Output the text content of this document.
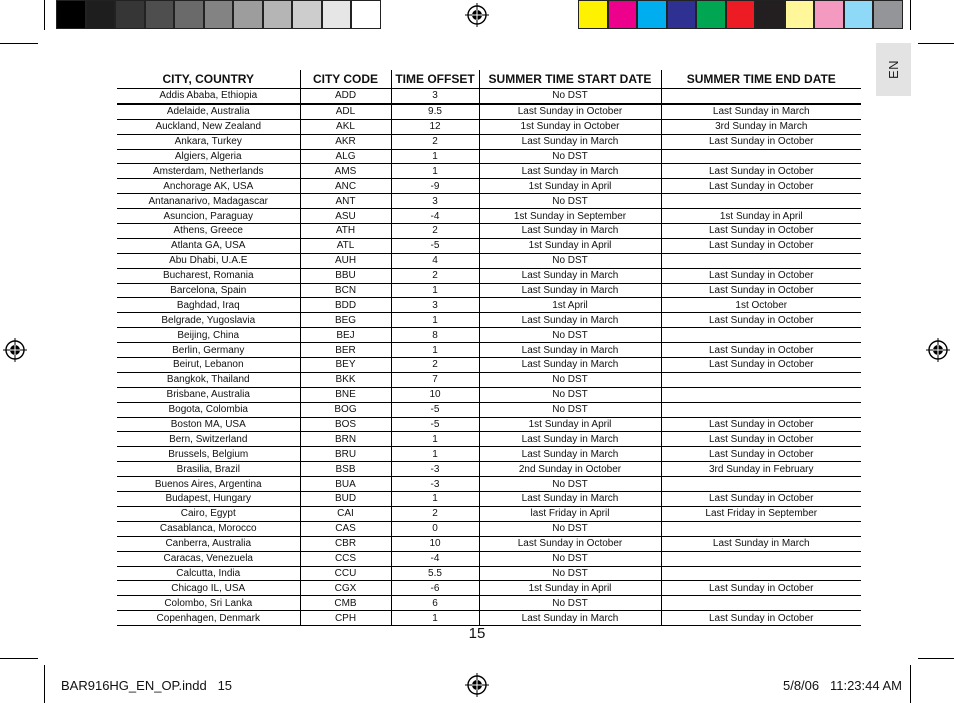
EN
CITY, COUNTRY	CITY CODE	TIME OFFSET	SUMMER TIME START DATE	SUMMER TIME END DATE
Addis Ababa, Ethiopia	ADD	3	No DST	
Adelaide, Australia	ADL	9.5	Last Sunday in October	Last Sunday in March
Auckland, New Zealand	AKL	12	1st Sunday in October	3rd Sunday in March
Ankara, Turkey	AKR	2	Last Sunday in March	Last Sunday in October
Algiers, Algeria	ALG	1	No DST	
Amsterdam, Netherlands	AMS	1	Last Sunday in March	Last Sunday in October
Anchorage AK, USA	ANC	-9	1st Sunday in April	Last Sunday in October
Antananarivo, Madagascar	ANT	3	No DST	
Asuncion, Paraguay	ASU	-4	1st Sunday in September	1st Sunday in April
Athens, Greece	ATH	2	Last Sunday in March	Last Sunday in October
Atlanta GA, USA	ATL	-5	1st Sunday in April	Last Sunday in October
Abu Dhabi, U.A.E	AUH	4	No DST	
Bucharest, Romania	BBU	2	Last Sunday in March	Last Sunday in October
Barcelona, Spain	BCN	1	Last Sunday in March	Last Sunday in October
Baghdad, Iraq	BDD	3	1st April	1st October
Belgrade, Yugoslavia	BEG	1	Last Sunday in March	Last Sunday in October
Beijing, China	BEJ	8	No DST	
Berlin, Germany	BER	1	Last Sunday in March	Last Sunday in October
Beirut, Lebanon	BEY	2	Last Sunday in March	Last Sunday in October
Bangkok, Thailand	BKK	7	No DST	
Brisbane, Australia	BNE	10	No DST	
Bogota, Colombia	BOG	-5	No DST	
Boston MA, USA	BOS	-5	1st Sunday in April	Last Sunday in October
Bern, Switzerland	BRN	1	Last Sunday in March	Last Sunday in October
Brussels, Belgium	BRU	1	Last Sunday in March	Last Sunday in October
Brasilia, Brazil	BSB	-3	2nd Sunday in October	3rd Sunday in February
Buenos Aires, Argentina	BUA	-3	No DST	
Budapest, Hungary	BUD	1	Last Sunday in March	Last Sunday in October
Cairo, Egypt	CAI	2	last Friday in April	Last Friday in September
Casablanca, Morocco	CAS	0	No DST	
Canberra, Australia	CBR	10	Last Sunday in October	Last Sunday in March
Caracas, Venezuela	CCS	-4	No DST	
Calcutta, India	CCU	5.5	No DST	
Chicago IL, USA	CGX	-6	1st Sunday in April	Last Sunday in October
Colombo, Sri Lanka	CMB	6	No DST	
Copenhagen, Denmark	CPH	1	Last Sunday in March	Last Sunday in October
15
BAR916HG_EN_OP.indd   15	5/8/06   11:23:44 AM
